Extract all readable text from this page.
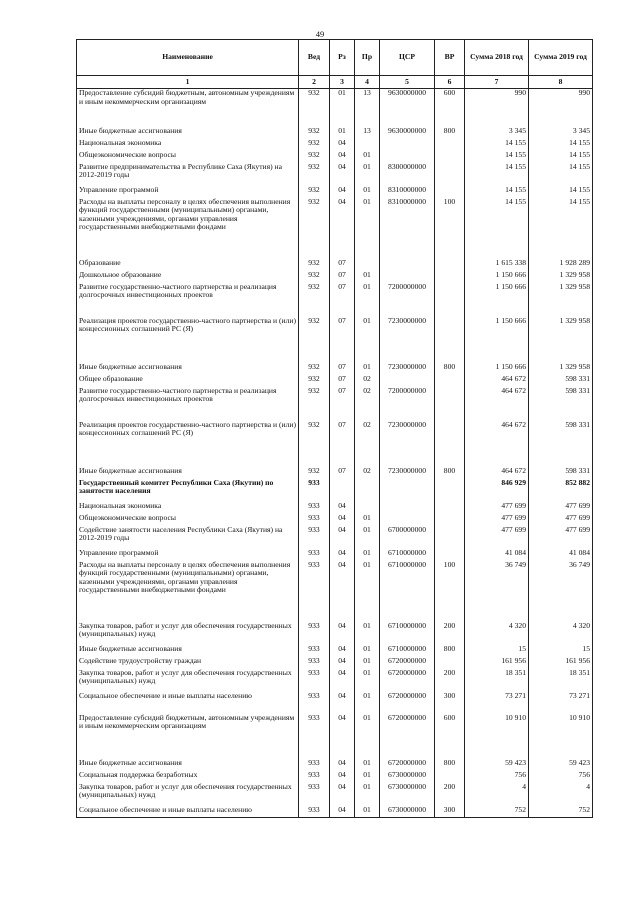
49
Наименование	Вед	Рз	Пр	ЦСР	ВР	Сумма 2018 год	Сумма 2019 год
1	2	3	4	5	6	7	8
Предоставление субсидий бюджетным, автономным учреждениям и иным некоммерческим организациям	932	01	13	9630000000	600	990	990
Иные бюджетные ассигнования	932	01	13	9630000000	800	3 345	3 345
Национальная экономика	932	04				14 155	14 155
Общеэкономические вопросы	932	04	01			14 155	14 155
Развитие предпринимательства в Республике Саха (Якутия) на 2012-2019 годы	932	04	01	8300000000		14 155	14 155
Управление программой	932	04	01	8310000000		14 155	14 155
Расходы на выплаты персоналу в целях обеспечения выполнения функций государственными (муниципальными) органами, казенными учреждениями, органами управления государственными внебюджетными фондами	932	04	01	8310000000	100	14 155	14 155
Образование	932	07				1 615 338	1 928 289
Дошкольное образование	932	07	01			1 150 666	1 329 958
Развитие государственно-частного партнерства и реализация долгосрочных инвестиционных проектов	932	07	01	7200000000		1 150 666	1 329 958
Реализация проектов государственно-частного партнерства и (или) концессионных соглашений РС (Я)	932	07	01	7230000000		1 150 666	1 329 958
Иные бюджетные ассигнования	932	07	01	7230000000	800	1 150 666	1 329 958
Общее образование	932	07	02			464 672	598 331
Развитие государственно-частного партнерства и реализация долгосрочных инвестиционных проектов	932	07	02	7200000000		464 672	598 331
Реализация проектов государственно-частного партнерства и (или) концессионных соглашений РС (Я)	932	07	02	7230000000		464 672	598 331
Иные бюджетные ассигнования	932	07	02	7230000000	800	464 672	598 331
Государственный комитет Республики Саха (Якутии) по занятости населения	933					846 929	852 882
Национальная экономика	933	04				477 699	477 699
Общеэкономические вопросы	933	04	01			477 699	477 699
Содействие занятости населения Республики Саха (Якутия) на 2012-2019 годы	933	04	01	6700000000		477 699	477 699
Управление программой	933	04	01	6710000000		41 084	41 084
Расходы на выплаты персоналу в целях обеспечения выполнения функций государственными (муниципальными) органами, казенными учреждениями, органами управления государственными внебюджетными фондами	933	04	01	6710000000	100	36 749	36 749
Закупка товаров, работ и услуг для обеспечения государственных (муниципальных) нужд	933	04	01	6710000000	200	4 320	4 320
Иные бюджетные ассигнования	933	04	01	6710000000	800	15	15
Содействие трудоустройству граждан	933	04	01	6720000000		161 956	161 956
Закупка товаров, работ и услуг для обеспечения государственных (муниципальных) нужд	933	04	01	6720000000	200	18 351	18 351
Социальное обеспечение и иные выплаты населению	933	04	01	6720000000	300	73 271	73 271
Предоставление субсидий бюджетным, автономным учреждениям и иным некоммерческим организациям	933	04	01	6720000000	600	10 910	10 910
Иные бюджетные ассигнования	933	04	01	6720000000	800	59 423	59 423
Социальная поддержка безработных	933	04	01	6730000000		756	756
Закупка товаров, работ и услуг для обеспечения государственных (муниципальных) нужд	933	04	01	6730000000	200	4	4
Социальное обеспечение и иные выплаты населению	933	04	01	6730000000	300	752	752
